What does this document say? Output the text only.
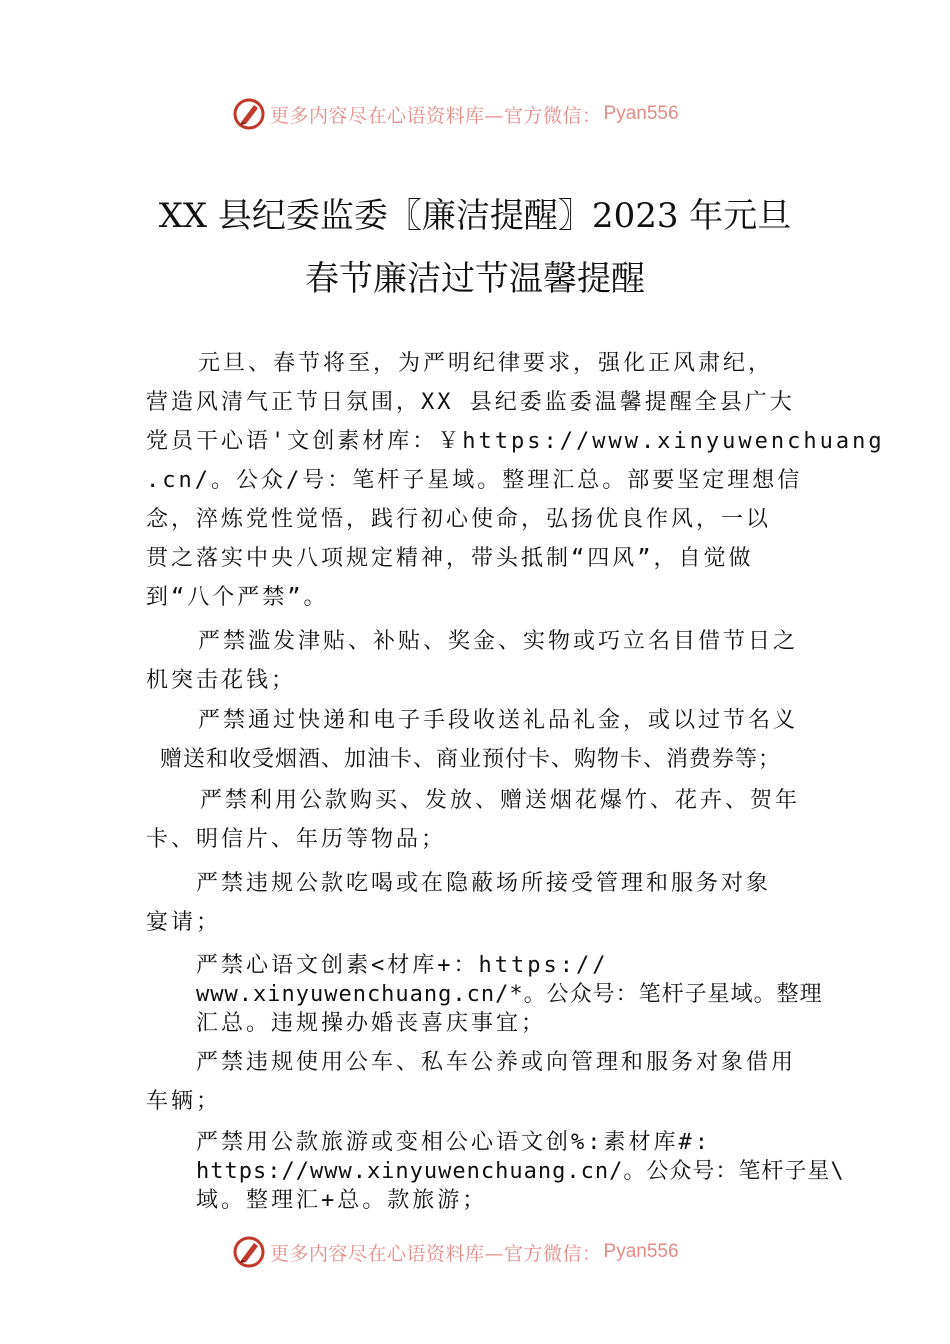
更多内容尽在心语资料库—官方微信： Pyan556
XX 县纪委监委〖廉洁提醒〗2023 年元旦
春节廉洁过节温馨提醒
元旦、春节将至，为严明纪律要求，强化正风肃纪，
营造风清气正节日氛围，XX 县纪委监委温馨提醒全县广大
党员干心语'文创素材库：￥https://www.xinyuwenchuang
.cn/。公众/号：笔杆子星域。整理汇总。部要坚定理想信
念，淬炼党性觉悟，践行初心使命，弘扬优良作风，一以
贯之落实中央八项规定精神，带头抵制“四风”，自觉做
到“八个严禁”。
严禁滥发津贴、补贴、奖金、实物或巧立名目借节日之
机突击花钱；
严禁通过快递和电子手段收送礼品礼金，或以过节名义
赠送和收受烟酒、加油卡、商业预付卡、购物卡、消费券等；
严禁利用公款购买、发放、赠送烟花爆竹、花卉、贺年
卡、明信片、年历等物品；
严禁违规公款吃喝或在隐蔽场所接受管理和服务对象
宴请；
严禁心语文创素<材库+：https://
www.xinyuwenchuang.cn/*。公众号：笔杆子星域。整理
汇总。违规操办婚丧喜庆事宜；
严禁违规使用公车、私车公养或向管理和服务对象借用
车辆；
严禁用公款旅游或变相公心语文创%:素材库#:
https://www.xinyuwenchuang.cn/。公众号：笔杆子星\
域。整理汇+总。款旅游；
更多内容尽在心语资料库—官方微信： Pyan556
